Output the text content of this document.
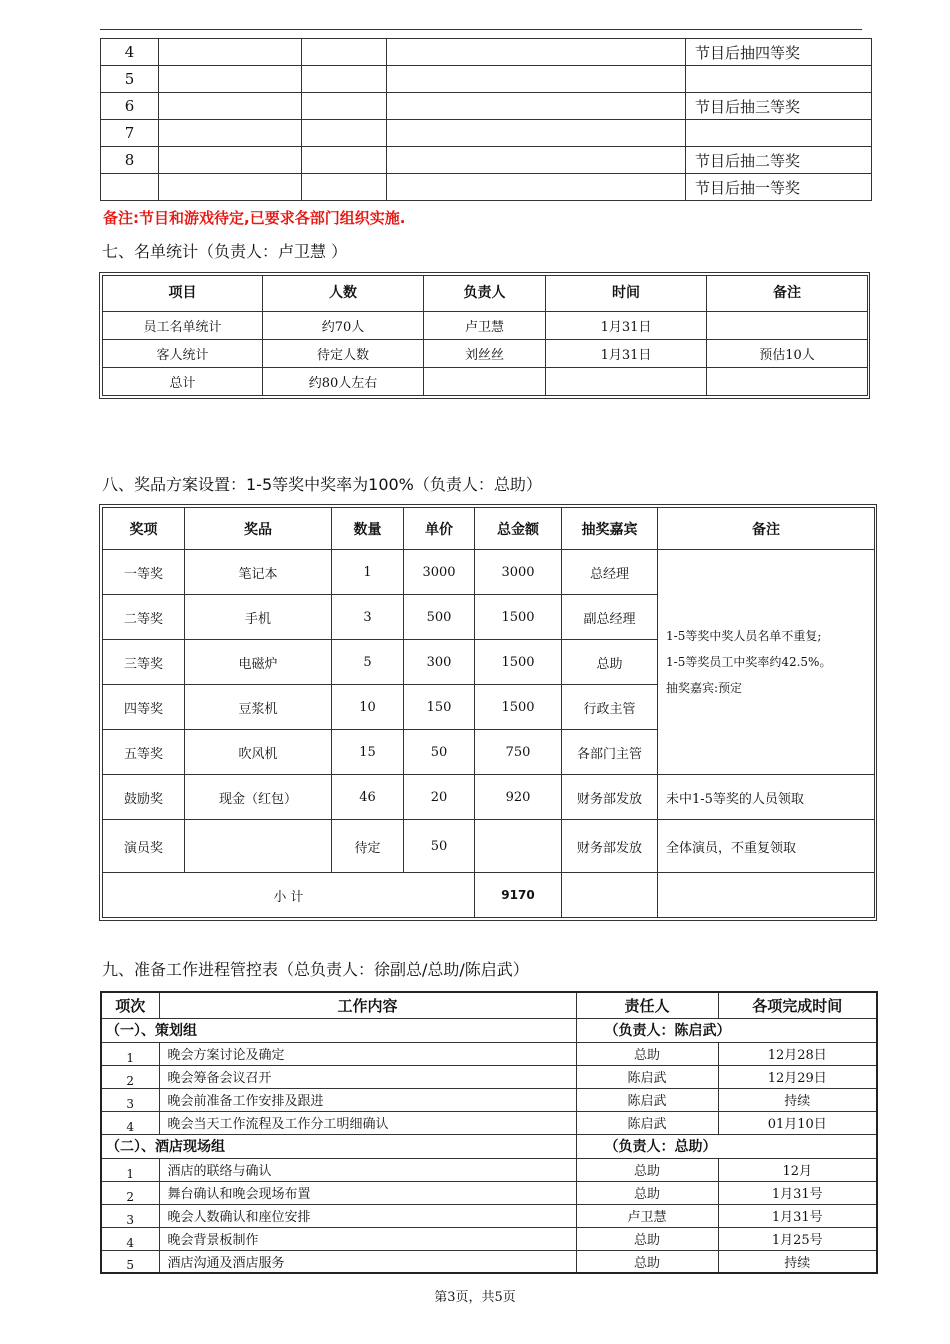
4				节目后抽四等奖
5				
6				节目后抽三等奖
7				
8				节目后抽二等奖
				节目后抽一等奖
备注:节目和游戏待定,已要求各部门组织实施.
七、名单统计（负责人：卢卫慧 ）
项目	人数	负责人	时间	备注
员工名单统计	约70人	卢卫慧	1月31日	
客人统计	待定人数	刘丝丝	1月31日	预估10人
总计	约80人左右			
八、奖品方案设置：1-5等奖中奖率为100%（负责人：总助）
奖项	奖品	数量	单价	总金额	抽奖嘉宾	备注
一等奖	笔记本	1	3000	3000	总经理	1-5等奖中奖人员名单不重复;
1-5等奖员工中奖率约42.5%。
抽奖嘉宾:预定

二等奖	手机	3	500	1500	副总经理	
三等奖	电磁炉	5	300	1500	总助	
四等奖	豆浆机	10	150	1500	行政主管	
五等奖	吹风机	15	50	750	各部门主管	
鼓励奖	现金（红包）	46	20	920	财务部发放	未中1-5等奖的人员领取
演员奖		待定	50		财务部发放	全体演员，不重复领取
小 计				9170		
九、准备工作进程管控表（总负责人：徐副总/总助/陈启武）
项次	工作内容	责任人	各项完成时间
（一）、策划组		（负责人：陈启武）	
1	晚会方案讨论及确定	总助	12月28日
2	晚会筹备会议召开	陈启武	12月29日
3	晚会前准备工作安排及跟进	陈启武	持续
4	晚会当天工作流程及工作分工明细确认	陈启武	01月10日
（二）、酒店现场组		（负责人：总助）	
1	酒店的联络与确认	总助	12月
2	舞台确认和晚会现场布置	总助	1月31号
3	晚会人数确认和座位安排	卢卫慧	1月31号
4	晚会背景板制作	总助	1月25号
5	酒店沟通及酒店服务	总助	持续
第3页，共5页
